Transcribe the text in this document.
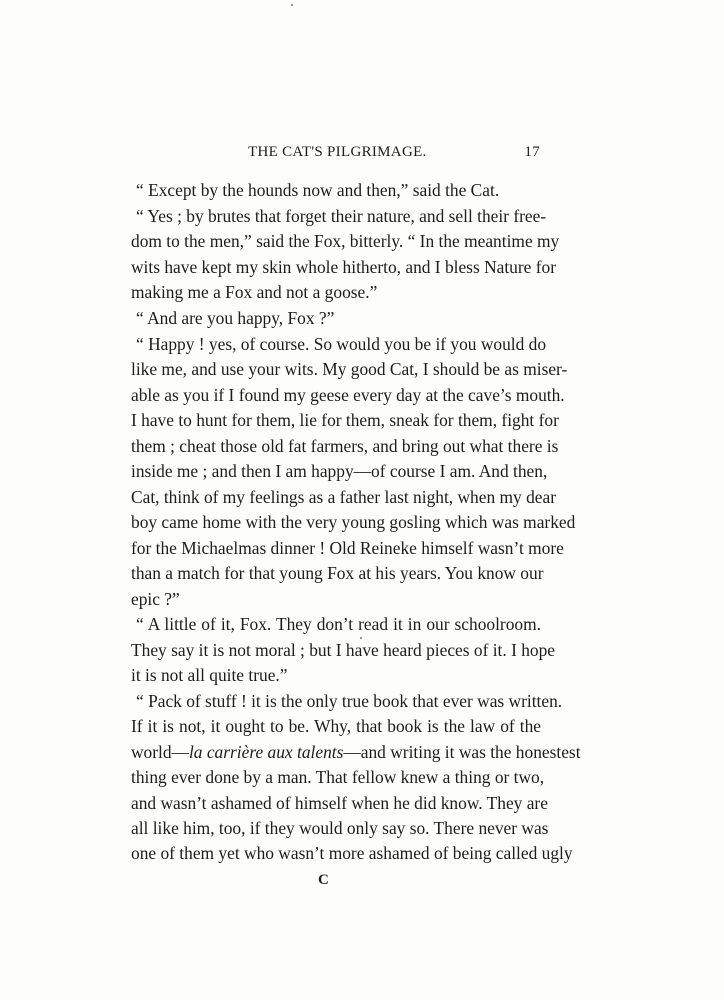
THE CAT'S PILGRIMAGE.	17
“ Except by the hounds now and then,” said the Cat.
“ Yes ; by brutes that forget their nature, and sell their free-
dom to the men,” said the Fox, bitterly. “ In the meantime my
wits have kept my skin whole hitherto, and I bless Nature for
making me a Fox and not a goose.”
“ And are you happy, Fox ?”
“ Happy ! yes, of course. So would you be if you would do
like me, and use your wits. My good Cat, I should be as miser-
able as you if I found my geese every day at the cave’s mouth.
I have to hunt for them, lie for them, sneak for them, fight for
them ; cheat those old fat farmers, and bring out what there is
inside me ; and then I am happy—of course I am. And then,
Cat, think of my feelings as a father last night, when my dear
boy came home with the very young gosling which was marked
for the Michaelmas dinner ! Old Reineke himself wasn’t more
than a match for that young Fox at his years. You know our
epic ?”
“ A little of it, Fox. They don’t read it in our schoolroom.
They say it is not moral ; but I have heard pieces of it. I hope
it is not all quite true.”
“ Pack of stuff ! it is the only true book that ever was written.
If it is not, it ought to be. Why, that book is the law of the
world—la carrière aux talents—and writing it was the honestest
thing ever done by a man. That fellow knew a thing or two,
and wasn’t ashamed of himself when he did know. They are
all like him, too, if they would only say so. There never was
one of them yet who wasn’t more ashamed of being called ugly
C
